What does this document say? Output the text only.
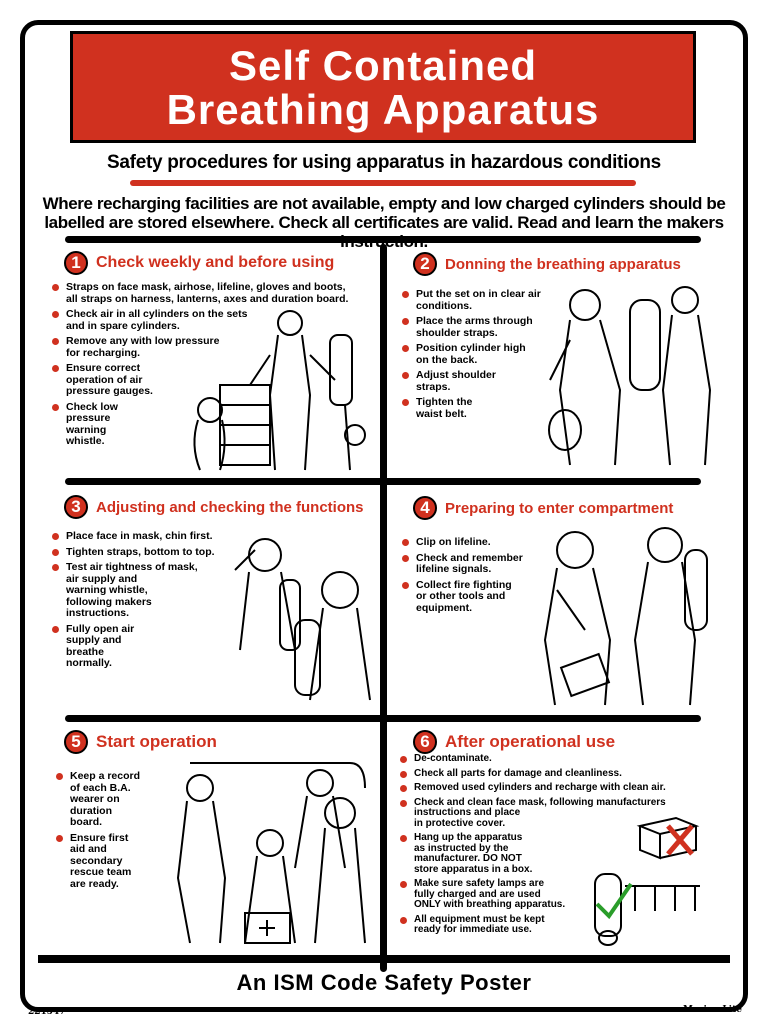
Self Contained
Breathing Apparatus
Safety procedures for using apparatus in hazardous conditions
Where recharging facilities are not available, empty and low charged cylinders should be labelled are stored elsewhere. Check all certificates are valid. Read and learn the makers
1 Check weekly and before using
Straps on face mask, airhose, lifeline, gloves and boots,
all straps on harness, lanterns, axes and duration board.
Check air in all cylinders on the sets
and in spare cylinders.
Remove any with low pressure
for recharging.
Ensure correct
operation of air
pressure gauges.
Check low
pressure
warning
whistle.
2	Donning the breathing apparatus
Put the set on in clear air
conditions.
Place the arms through
shoulder straps.
Position cylinder high
on the back.
Adjust shoulder
straps.
Tighten the
waist belt.
3	Adjusting and checking the functions
Place face in mask, chin first.
Tighten straps, bottom to top.
Test air tightness of mask,
air supply and
warning whistle,
following makers
instructions.
Fully open air
supply and
breathe
normally.
4	Preparing to enter compartment
Clip on lifeline.
Check and remember
lifeline signals.
Collect fire fighting
or other tools and
equipment.
5 Start operation
Keep a record
of each B.A.
wearer on
duration
board.
Ensure first
aid and
secondary
rescue team
are ready.
6 After operational use
De-contaminate.
Check all parts for damage and cleanliness.
Removed used cylinders and recharge with clean air.
Check and clean face mask, following manufacturers
instructions and place
in protective cover.
Hang up the apparatus
as instructed by the
manufacturer. DO NOT
store apparatus in a box.
Make sure safety lamps are
fully charged and are used
ONLY with breathing apparatus.
All equipment must be kept
ready for immediate use.
An ISM Code Safety Poster
221547	Marine Lite
